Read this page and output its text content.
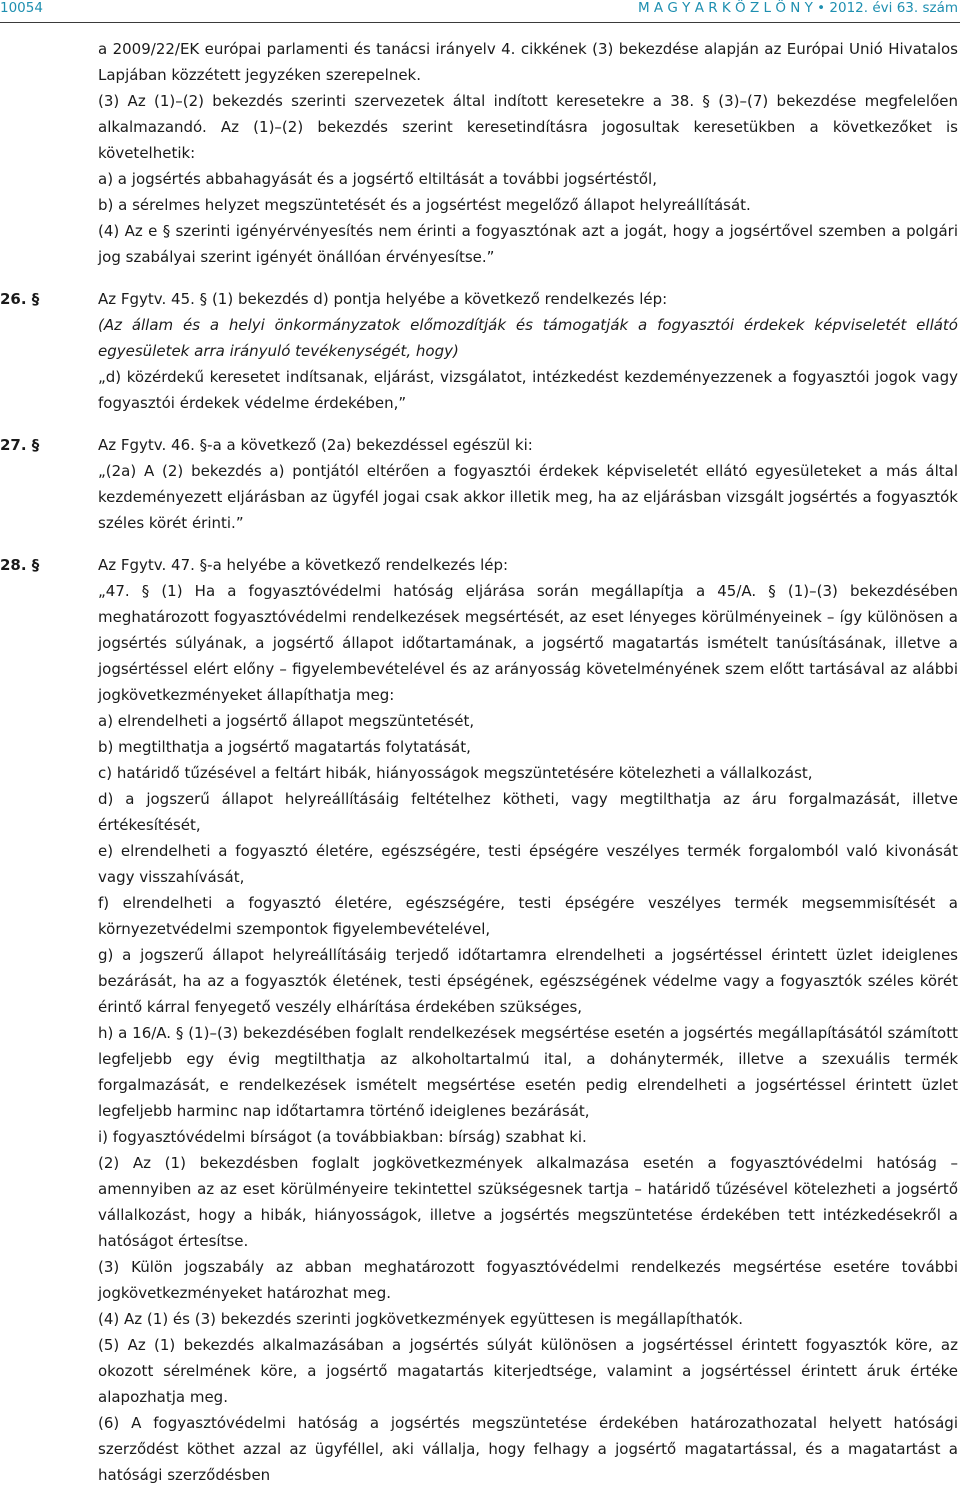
10054	M A G Y A R K Ö Z L Ö N Y • 2012. évi 63. szám

a 2009/22/EK európai parlamenti és tanácsi irányelv 4. cikkének (3) bekezdése alapján az Európai Unió Hivatalos Lapjában közzétett jegyzéken szerepelnek.

(3) Az (1)–(2) bekezdés szerinti szervezetek által indított keresetekre a 38. § (3)–(7) bekezdése megfelelően alkalmazandó. Az (1)–(2) bekezdés szerint keresetindításra jogosultak keresetükben a következőket is követelhetik:

a) a jogsértés abbahagyását és a jogsértő eltiltását a további jogsértéstől,

b) a sérelmes helyzet megszüntetését és a jogsértést megelőző állapot helyreállítását.

(4) Az e § szerinti igényérvényesítés nem érinti a fogyasztónak azt a jogát, hogy a jogsértővel szemben a polgári jog szabályai szerint igényét önállóan érvényesítse.”

26. §	Az Fgytv. 45. § (1) bekezdés d) pontja helyébe a következő rendelkezés lép:

(Az állam és a helyi önkormányzatok előmozdítják és támogatják a fogyasztói érdekek képviseletét ellátó egyesületek arra irányuló tevékenységét, hogy)

„d) közérdekű keresetet indítsanak, eljárást, vizsgálatot, intézkedést kezdeményezzenek a fogyasztói jogok vagy fogyasztói érdekek védelme érdekében,”

27. §	Az Fgytv. 46. §-a a következő (2a) bekezdéssel egészül ki:

„(2a) A (2) bekezdés a) pontjától eltérően a fogyasztói érdekek képviseletét ellátó egyesületeket a más által kezdeményezett eljárásban az ügyfél jogai csak akkor illetik meg, ha az eljárásban vizsgált jogsértés a fogyasztók széles körét érinti.”

28. §	Az Fgytv. 47. §-a helyébe a következő rendelkezés lép:

„47. § (1) Ha a fogyasztóvédelmi hatóság eljárása során megállapítja a 45/A. § (1)–(3) bekezdésében meghatározott fogyasztóvédelmi rendelkezések megsértését, az eset lényeges körülményeinek – így különösen a jogsértés súlyának, a jogsértő állapot időtartamának, a jogsértő magatartás ismételt tanúsításának, illetve a jogsértéssel elért előny – figyelembevételével és az arányosság követelményének szem előtt tartásával az alábbi jogkövetkezményeket állapíthatja meg:

a) elrendelheti a jogsértő állapot megszüntetését,

b) megtilthatja a jogsértő magatartás folytatását,

c) határidő tűzésével a feltárt hibák, hiányosságok megszüntetésére kötelezheti a vállalkozást,

d) a jogszerű állapot helyreállításáig feltételhez kötheti, vagy megtilthatja az áru forgalmazását, illetve értékesítését,

e) elrendelheti a fogyasztó életére, egészségére, testi épségére veszélyes termék forgalomból való kivonását vagy visszahívását,

f) elrendelheti a fogyasztó életére, egészségére, testi épségére veszélyes termék megsemmisítését a környezetvédelmi szempontok figyelembevételével,

g) a jogszerű állapot helyreállításáig terjedő időtartamra elrendelheti a jogsértéssel érintett üzlet ideiglenes bezárását, ha az a fogyasztók életének, testi épségének, egészségének védelme vagy a fogyasztók széles körét érintő kárral fenyegető veszély elhárítása érdekében szükséges,

h) a 16/A. § (1)–(3) bekezdésében foglalt rendelkezések megsértése esetén a jogsértés megállapításától számított legfeljebb egy évig megtilthatja az alkoholtartalmú ital, a dohánytermék, illetve a szexuális termék forgalmazását, e rendelkezések ismételt megsértése esetén pedig elrendelheti a jogsértéssel érintett üzlet legfeljebb harminc nap időtartamra történő ideiglenes bezárását,

i) fogyasztóvédelmi bírságot (a továbbiakban: bírság) szabhat ki.

(2) Az (1) bekezdésben foglalt jogkövetkezmények alkalmazása esetén a fogyasztóvédelmi hatóság – amennyiben az az eset körülményeire tekintettel szükségesnek tartja – határidő tűzésével kötelezheti a jogsértő vállalkozást, hogy a hibák, hiányosságok, illetve a jogsértés megszüntetése érdekében tett intézkedésekről a hatóságot értesítse.

(3) Külön jogszabály az abban meghatározott fogyasztóvédelmi rendelkezés megsértése esetére további jogkövetkezményeket határozhat meg.

(4) Az (1) és (3) bekezdés szerinti jogkövetkezmények együttesen is megállapíthatók.

(5) Az (1) bekezdés alkalmazásában a jogsértés súlyát különösen a jogsértéssel érintett fogyasztók köre, az okozott sérelmének köre, a jogsértő magatartás kiterjedtsége, valamint a jogsértéssel érintett áruk értéke alapozhatja meg.

(6) A fogyasztóvédelmi hatóság a jogsértés megszüntetése érdekében határozathozatal helyett hatósági szerződést köthet azzal az ügyféllel, aki vállalja, hogy felhagy a jogsértő magatartással, és a magatartást a hatósági szerződésben
